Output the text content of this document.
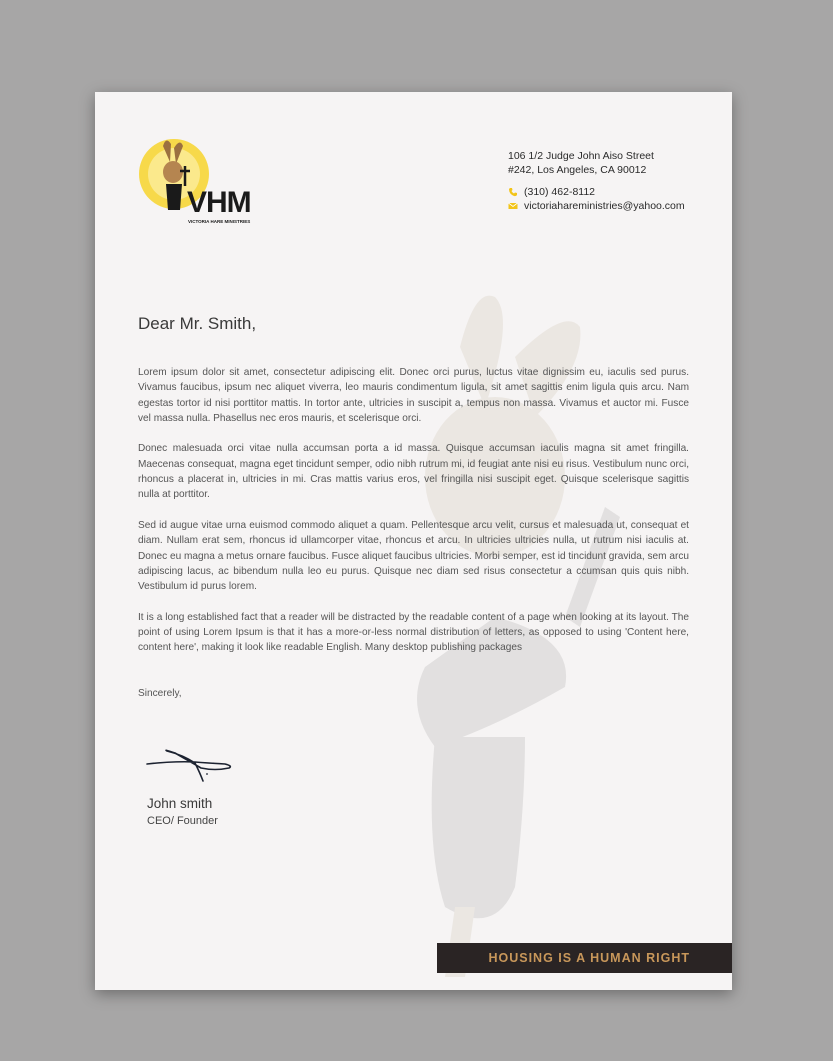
VHM
VICTORIA HARE MINISTRIES
106 1/2 Judge John Aiso Street
#242, Los Angeles, CA 90012
(310) 462-8112
victoriahareministries@yahoo.com
Dear Mr. Smith,

Lorem ipsum dolor sit amet, consectetur adipiscing elit. Donec orci purus, luctus vitae dignissim eu, iaculis sed purus. Vivamus faucibus, ipsum nec aliquet viverra, leo mauris condimentum ligula, sit amet sagittis enim ligula quis arcu. Nam egestas tortor id nisi porttitor mattis. In tortor ante, ultricies in suscipit a, tempus non massa. Vivamus et auctor mi. Fusce vel massa nulla. Phasellus nec eros mauris, et scelerisque orci.

Donec malesuada orci vitae nulla accumsan porta a id massa. Quisque accumsan iaculis magna sit amet fringilla. Maecenas consequat, magna eget tincidunt semper, odio nibh rutrum mi, id feugiat ante nisi eu risus. Vestibulum nunc orci, rhoncus a placerat in, ultricies in mi. Cras mattis varius eros, vel fringilla nisi suscipit eget. Quisque scelerisque sagittis nulla at porttitor.

Sed id augue vitae urna euismod commodo aliquet a quam. Pellentesque arcu velit, cursus et malesuada ut, consequat et diam. Nullam erat sem, rhoncus id ullamcorper vitae, rhoncus et arcu. In ultricies ultricies nulla, ut rutrum nisi iaculis at. Donec eu magna a metus ornare faucibus. Fusce aliquet faucibus ultricies. Morbi semper, est id tincidunt gravida, sem arcu adipiscing lacus, ac bibendum nulla leo eu purus. Quisque nec diam sed risus consectetur a ccumsan quis quis nibh. Vestibulum id purus lorem.

It is a long established fact that a reader will be distracted by the readable content of a page when looking at its layout. The point of using Lorem Ipsum is that it has a more-or-less normal distribution of letters, as opposed to using 'Content here, content here', making it look like readable English. Many desktop publishing packages

Sincerely,
John smith
CEO/ Founder
HOUSING IS A HUMAN RIGHT
